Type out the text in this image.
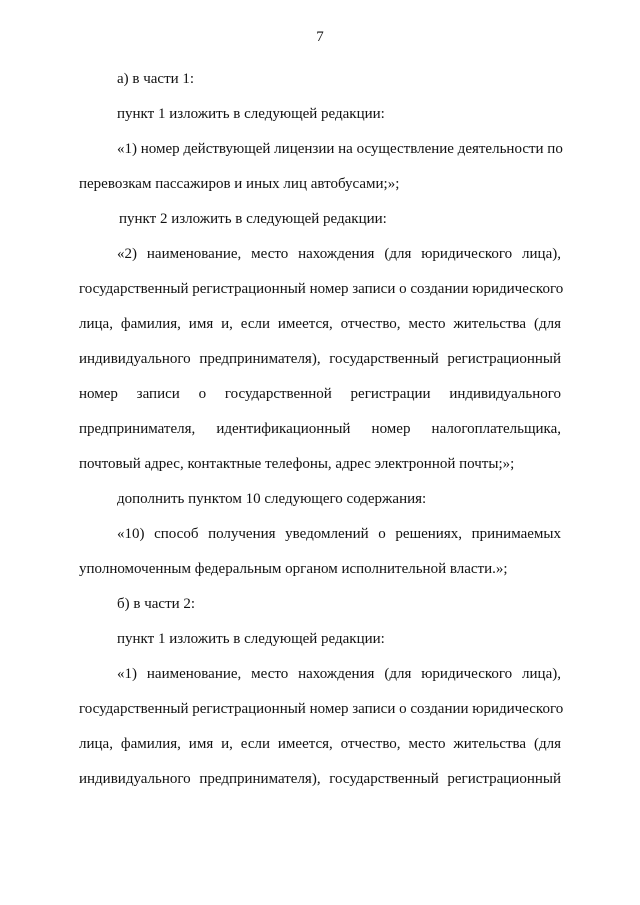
7
а) в части 1:
пункт 1 изложить в следующей редакции:
«1) номер действующей лицензии на осуществление деятельности по
перевозкам пассажиров и иных лиц автобусами;»;
пункт 2 изложить в следующей редакции:
«2) наименование, место нахождения (для юридического лица),
государственный регистрационный номер записи о создании юридического
лица, фамилия, имя и, если имеется, отчество, место жительства (для
индивидуального предпринимателя), государственный регистрационный
номер записи о государственной регистрации индивидуального
предпринимателя, идентификационный номер налогоплательщика,
почтовый адрес, контактные телефоны, адрес электронной почты;»;
дополнить пунктом 10 следующего содержания:
«10) способ получения уведомлений о решениях, принимаемых
уполномоченным федеральным органом исполнительной власти.»;
б) в части 2:
пункт 1 изложить в следующей редакции:
«1) наименование, место нахождения (для юридического лица),
государственный регистрационный номер записи о создании юридического
лица, фамилия, имя и, если имеется, отчество, место жительства (для
индивидуального предпринимателя), государственный регистрационный
